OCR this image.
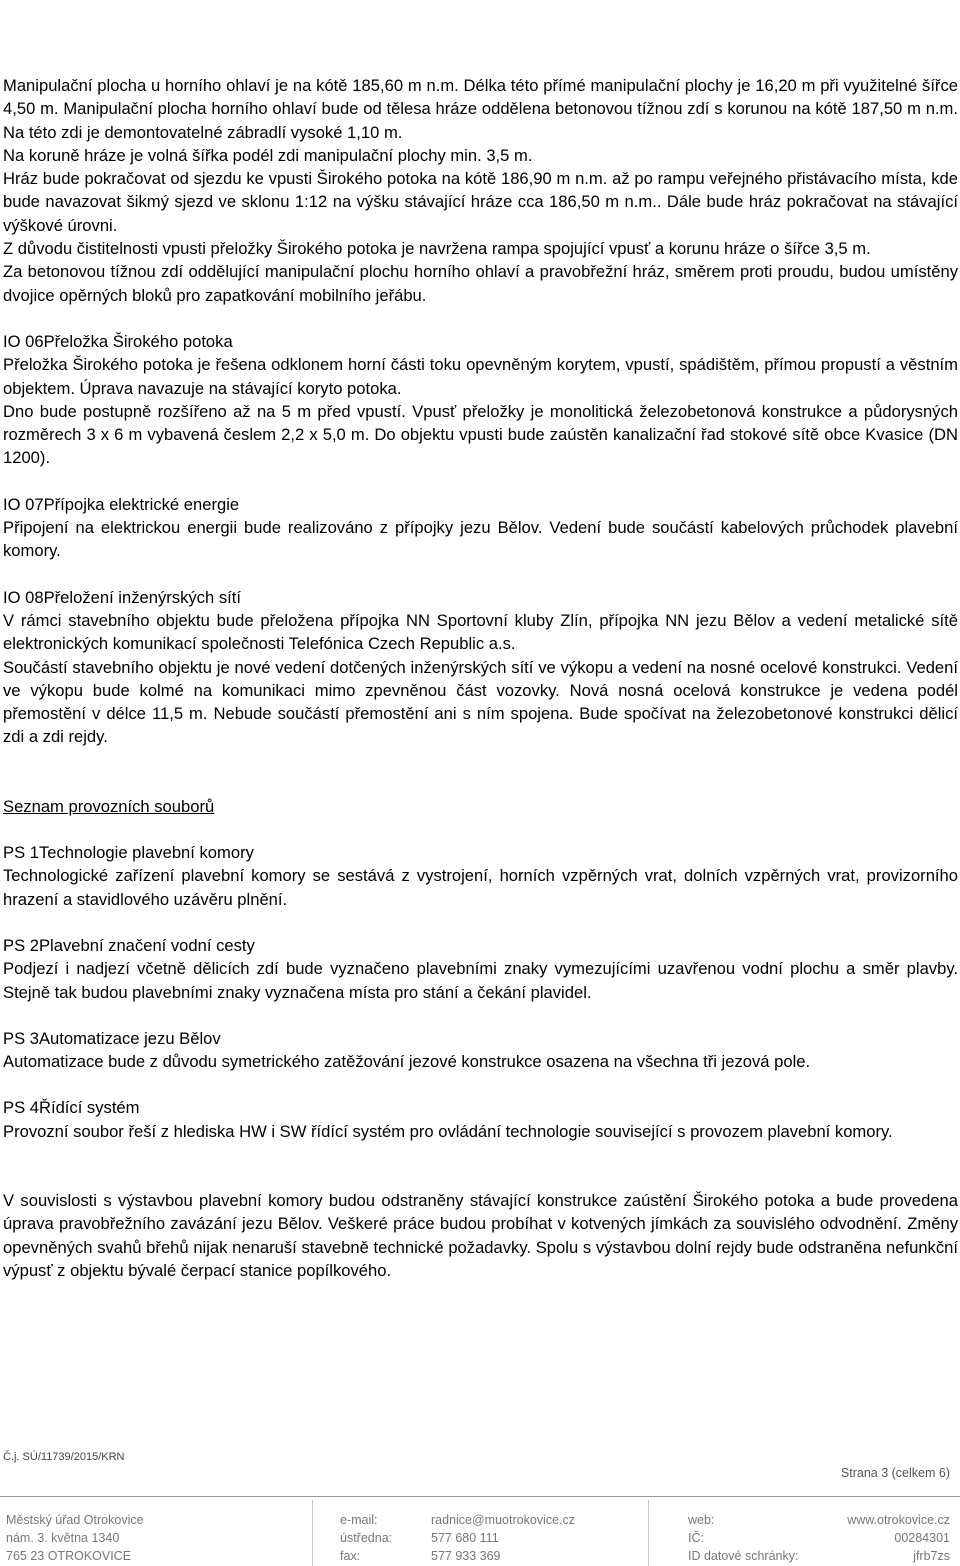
Manipulační plocha u horního ohlaví je na kótě 185,60 m n.m. Délka této přímé manipulační plochy je 16,20 m při využitelné šířce 4,50 m. Manipulační plocha horního ohlaví bude od tělesa hráze oddělena betonovou tížnou zdí s korunou na kótě 187,50 m n.m. Na této zdi je demontovatelné zábradlí vysoké 1,10 m.

Na koruně hráze je volná šířka podél zdi manipulační plochy min. 3,5 m.

Hráz bude pokračovat od sjezdu ke vpusti Širokého potoka na kótě 186,90 m n.m. až po rampu veřejného přistávacího místa, kde bude navazovat šikmý sjezd ve sklonu 1:12 na výšku stávající hráze cca 186,50 m n.m.. Dále bude hráz pokračovat na stávající výškové úrovni.

Z důvodu čistitelnosti vpusti přeložky Širokého potoka je navržena rampa spojující vpusť a korunu hráze o šířce 3,5 m.

Za betonovou tížnou zdí oddělující manipulační plochu horního ohlaví a pravobřežní hráz, směrem proti proudu, budou umístěny dvojice opěrných bloků pro zapatkování mobilního jeřábu.

IO 06Přeložka Širokého potoka

Přeložka Širokého potoka je řešena odklonem horní části toku opevněným korytem, vpustí, spádištěm, přímou propustí a věstním objektem. Úprava navazuje na stávající koryto potoka.

Dno bude postupně rozšířeno až na 5 m před vpustí. Vpusť přeložky je monolitická železobetonová konstrukce a půdorysných rozměrech 3 x 6 m vybavená česlem 2,2 x 5,0 m. Do objektu vpusti bude zaústěn kanalizační řad stokové sítě obce Kvasice (DN 1200).

IO 07Přípojka elektrické energie

Připojení na elektrickou energii bude realizováno z přípojky jezu Bělov. Vedení bude součástí kabelových průchodek plavební komory.

IO 08Přeložení inženýrských sítí

V rámci stavebního objektu bude přeložena přípojka NN Sportovní kluby Zlín, přípojka NN jezu Bělov a vedení metalické sítě elektronických komunikací společnosti Telefónica Czech Republic a.s.

Součástí stavebního objektu je nové vedení dotčených inženýrských sítí ve výkopu a vedení na nosné ocelové konstrukci. Vedení ve výkopu bude kolmé na komunikaci mimo zpevněnou část vozovky. Nová nosná ocelová konstrukce je vedena podél přemostění v délce 11,5 m. Nebude součástí přemostění ani s ním spojena. Bude spočívat na železobetonové konstrukci dělicí zdi a zdi rejdy.

Seznam provozních souborů

PS 1Technologie plavební komory

Technologické zařízení plavební komory se sestává z vystrojení, horních vzpěrných vrat, dolních vzpěrných vrat, provizorního hrazení a stavidlového uzávěru plnění.

PS 2Plavební značení vodní cesty

Podjezí i nadjezí včetně dělicích zdí bude vyznačeno plavebními znaky vymezujícími uzavřenou vodní plochu a směr plavby. Stejně tak budou plavebními znaky vyznačena místa pro stání a čekání plavidel.

PS 3Automatizace jezu Bělov

Automatizace bude z důvodu symetrického zatěžování jezové konstrukce osazena na všechna tři jezová pole.

PS 4Řídící systém

Provozní soubor řeší z hlediska HW i SW řídící systém pro ovládání technologie související s provozem plavební komory.

V souvislosti s výstavbou plavební komory budou odstraněny stávající konstrukce zaústění Širokého potoka a bude provedena úprava pravobřežního zavázání jezu Bělov. Veškeré práce budou probíhat v kotvených jímkách za souvislého odvodnění. Změny opevněných svahů břehů nijak nenaruší stavebně technické požadavky. Spolu s výstavbou dolní rejdy bude odstraněna nefunkční výpusť z objektu bývalé čerpací stanice popílkového.

Č.j. SÚ/11739/2015/KRN
Strana 3 (celkem 6)
Městský úřad Otrokovice
nám. 3. května 1340
765 23 OTROKOVICE
e-mail:
ústředna:
fax:
radnice@muotrokovice.cz
577 680 111
577 933 369
web:
IČ:
ID datové schránky:
www.otrokovice.cz
00284301
jfrb7zs
